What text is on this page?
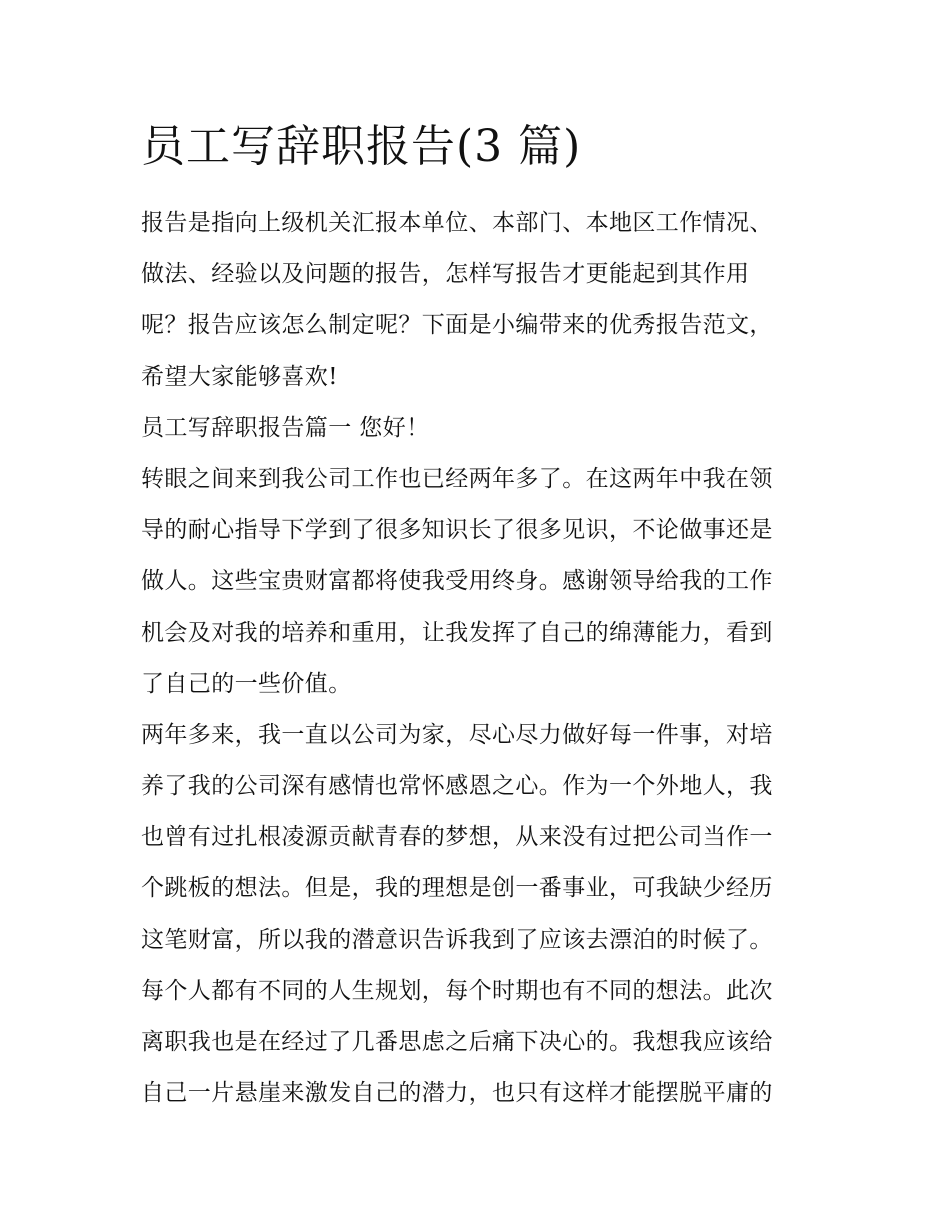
员工写辞职报告(3 篇)
报告是指向上级机关汇报本单位、本部门、本地区工作情况、
做法、经验以及问题的报告，怎样写报告才更能起到其作用
呢？报告应该怎么制定呢？下面是小编带来的优秀报告范文，
希望大家能够喜欢!
员工写辞职报告篇一 您好！
转眼之间来到我公司工作也已经两年多了。在这两年中我在领
导的耐心指导下学到了很多知识长了很多见识，不论做事还是
做人。这些宝贵财富都将使我受用终身。感谢领导给我的工作
机会及对我的培养和重用，让我发挥了自己的绵薄能力，看到
了自己的一些价值。
两年多来，我一直以公司为家，尽心尽力做好每一件事，对培
养了我的公司深有感情也常怀感恩之心。作为一个外地人，我
也曾有过扎根凌源贡献青春的梦想，从来没有过把公司当作一
个跳板的想法。但是，我的理想是创一番事业，可我缺少经历
这笔财富，所以我的潜意识告诉我到了应该去漂泊的时候了。
每个人都有不同的人生规划，每个时期也有不同的想法。此次
离职我也是在经过了几番思虑之后痛下决心的。我想我应该给
自己一片悬崖来激发自己的潜力，也只有这样才能摆脱平庸的
